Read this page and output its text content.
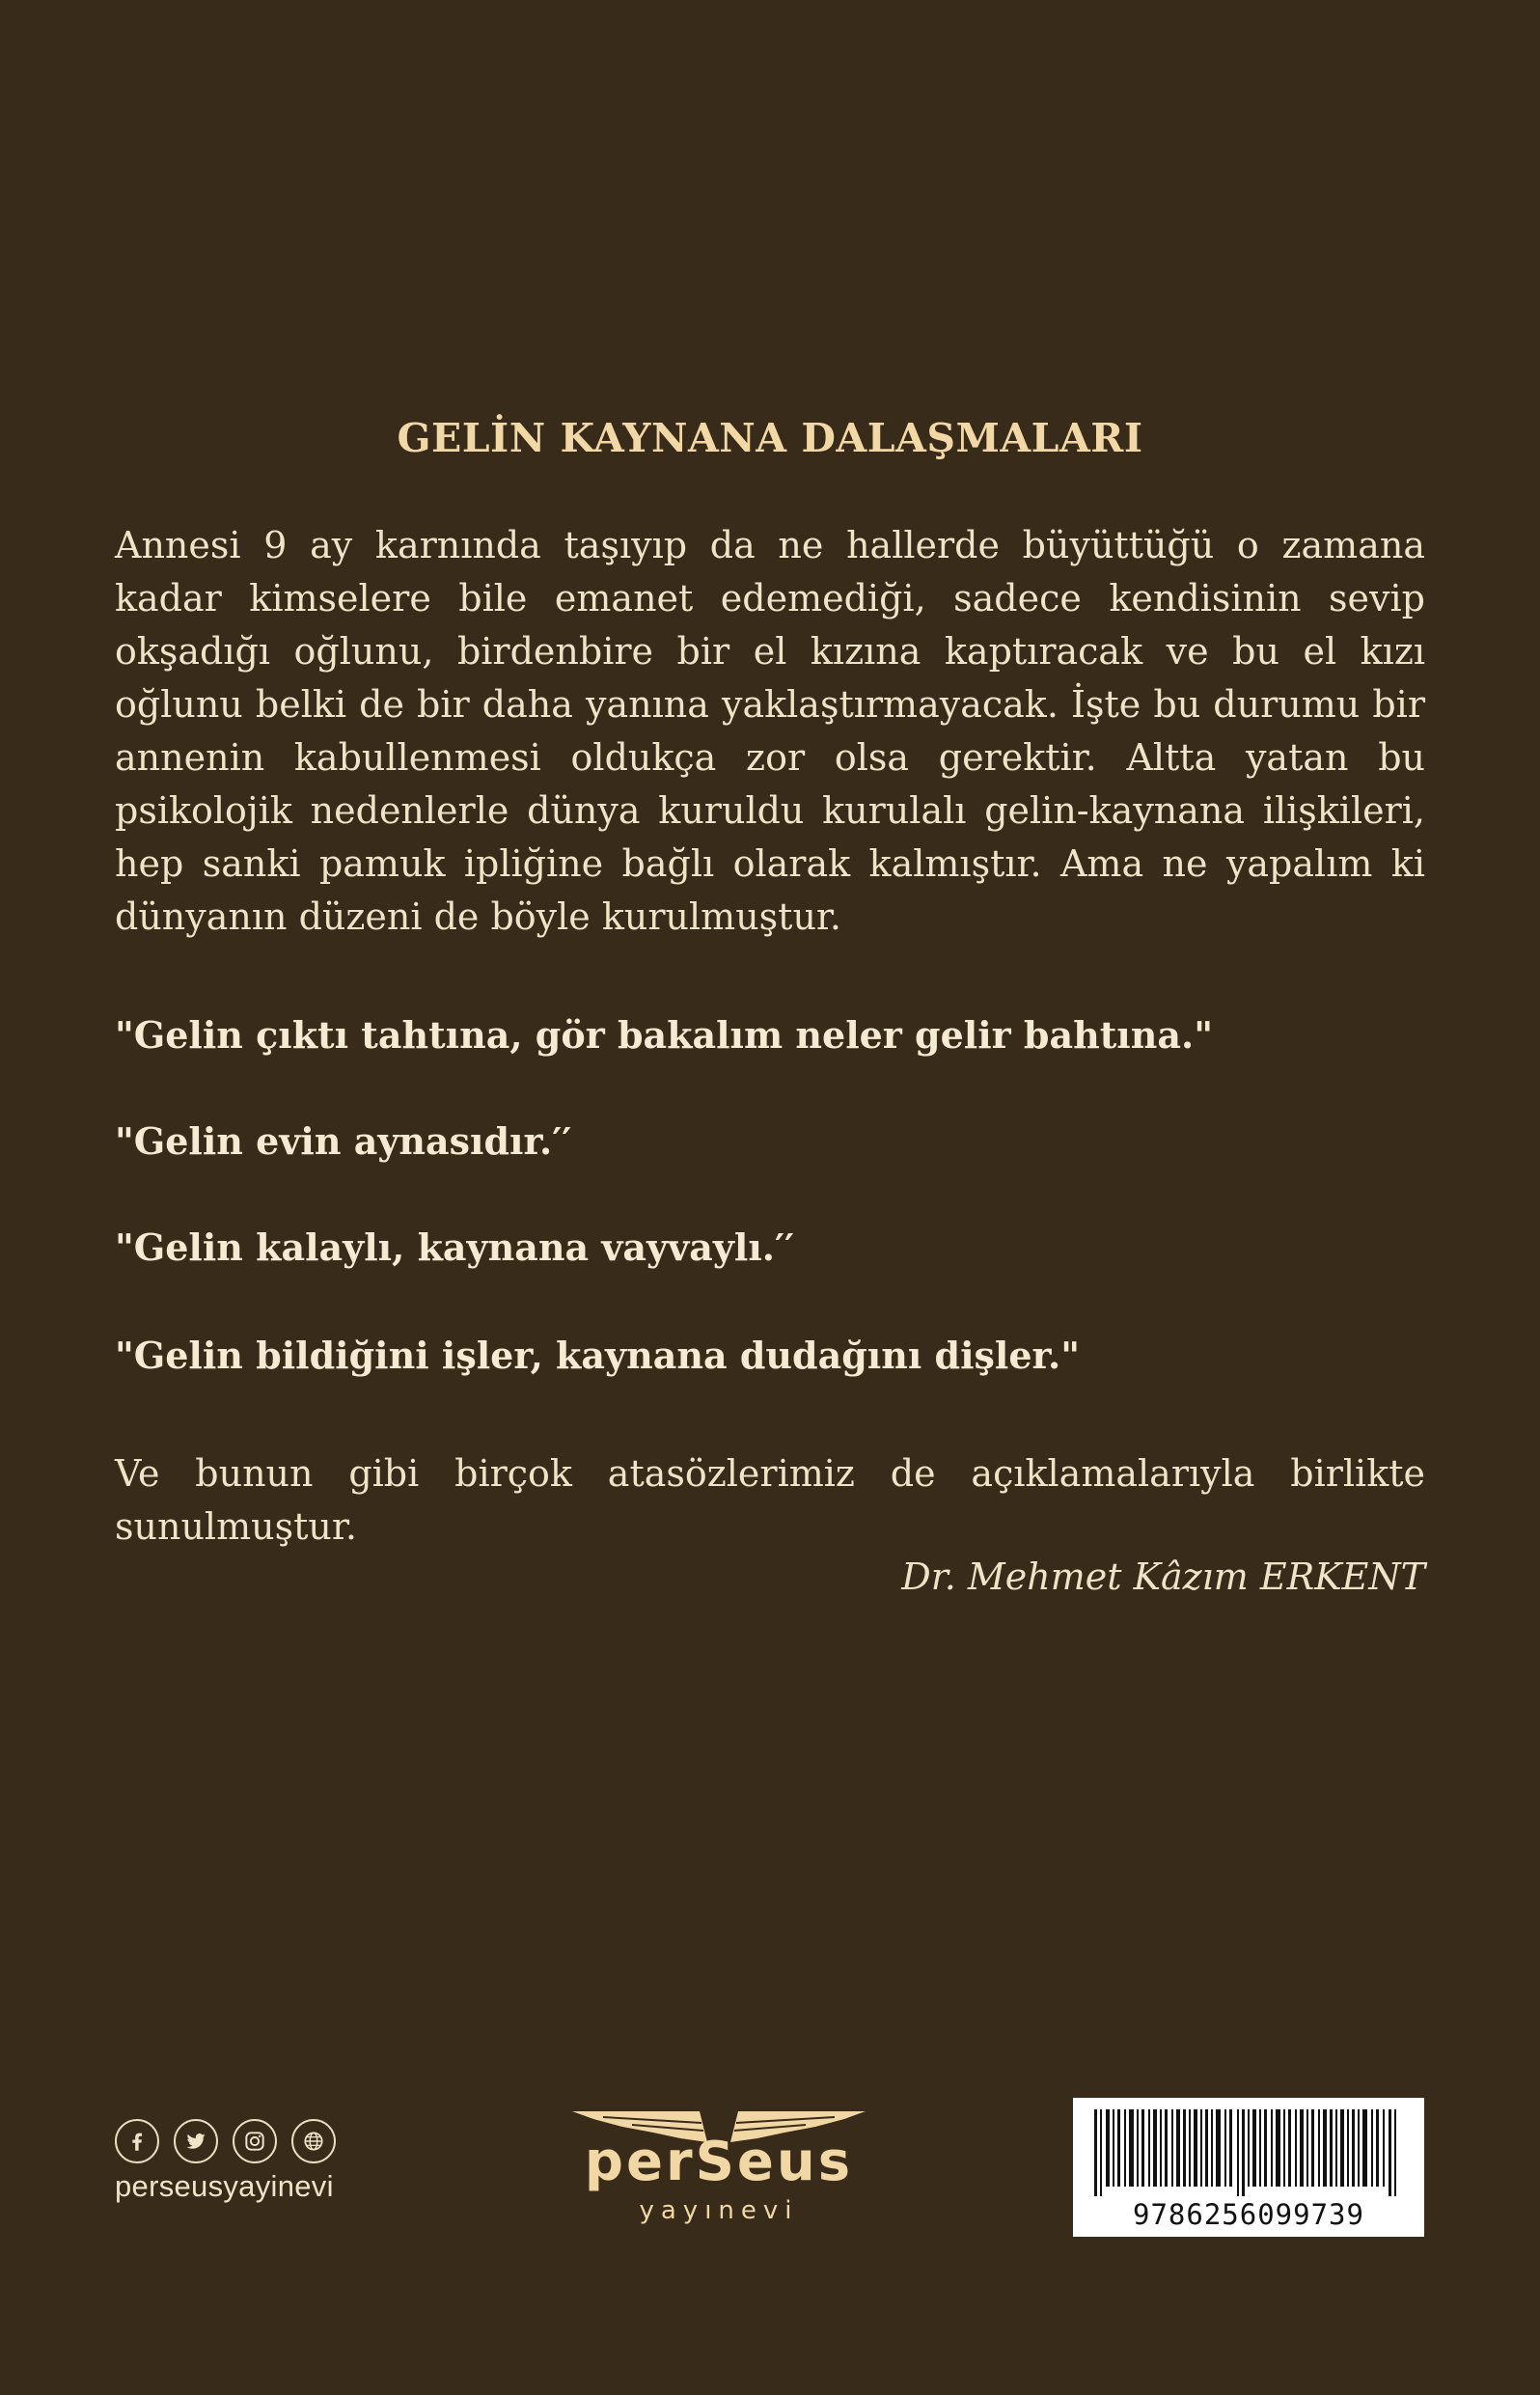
GELİN KAYNANA DALAŞMALARI

Annesi 9 ay karnında taşıyıp da ne hallerde büyüttüğü o zamana kadar kimselere bile emanet edemediği, sadece kendisinin sevip okşadığı oğlunu, birdenbire bir el kızına kaptıracak ve bu el kızı oğlunu belki de bir daha yanına yaklaştırmayacak. İşte bu durumu bir annenin kabullenmesi oldukça zor olsa gerektir. Altta yatan bu psikolojik nedenlerle dünya kuruldu kurulalı gelin-kaynana ilişkileri, hep sanki pamuk ipliğine bağlı olarak kalmıştır. Ama ne yapalım ki dünyanın düzeni de böyle kurulmuştur.

"Gelin çıktı tahtına, gör bakalım neler gelir bahtına."
"Gelin evin aynasıdır.′′
"Gelin kalaylı, kaynana vayvaylı.′′
"Gelin bildiğini işler, kaynana dudağını dişler."
Ve bunun gibi birçok atasözlerimiz de açıklamalarıyla birlikte sunulmuştur.
Dr. Mehmet Kâzım ERKENT
perseusyayinevi	perSeus
yayınevi	9786256099739
